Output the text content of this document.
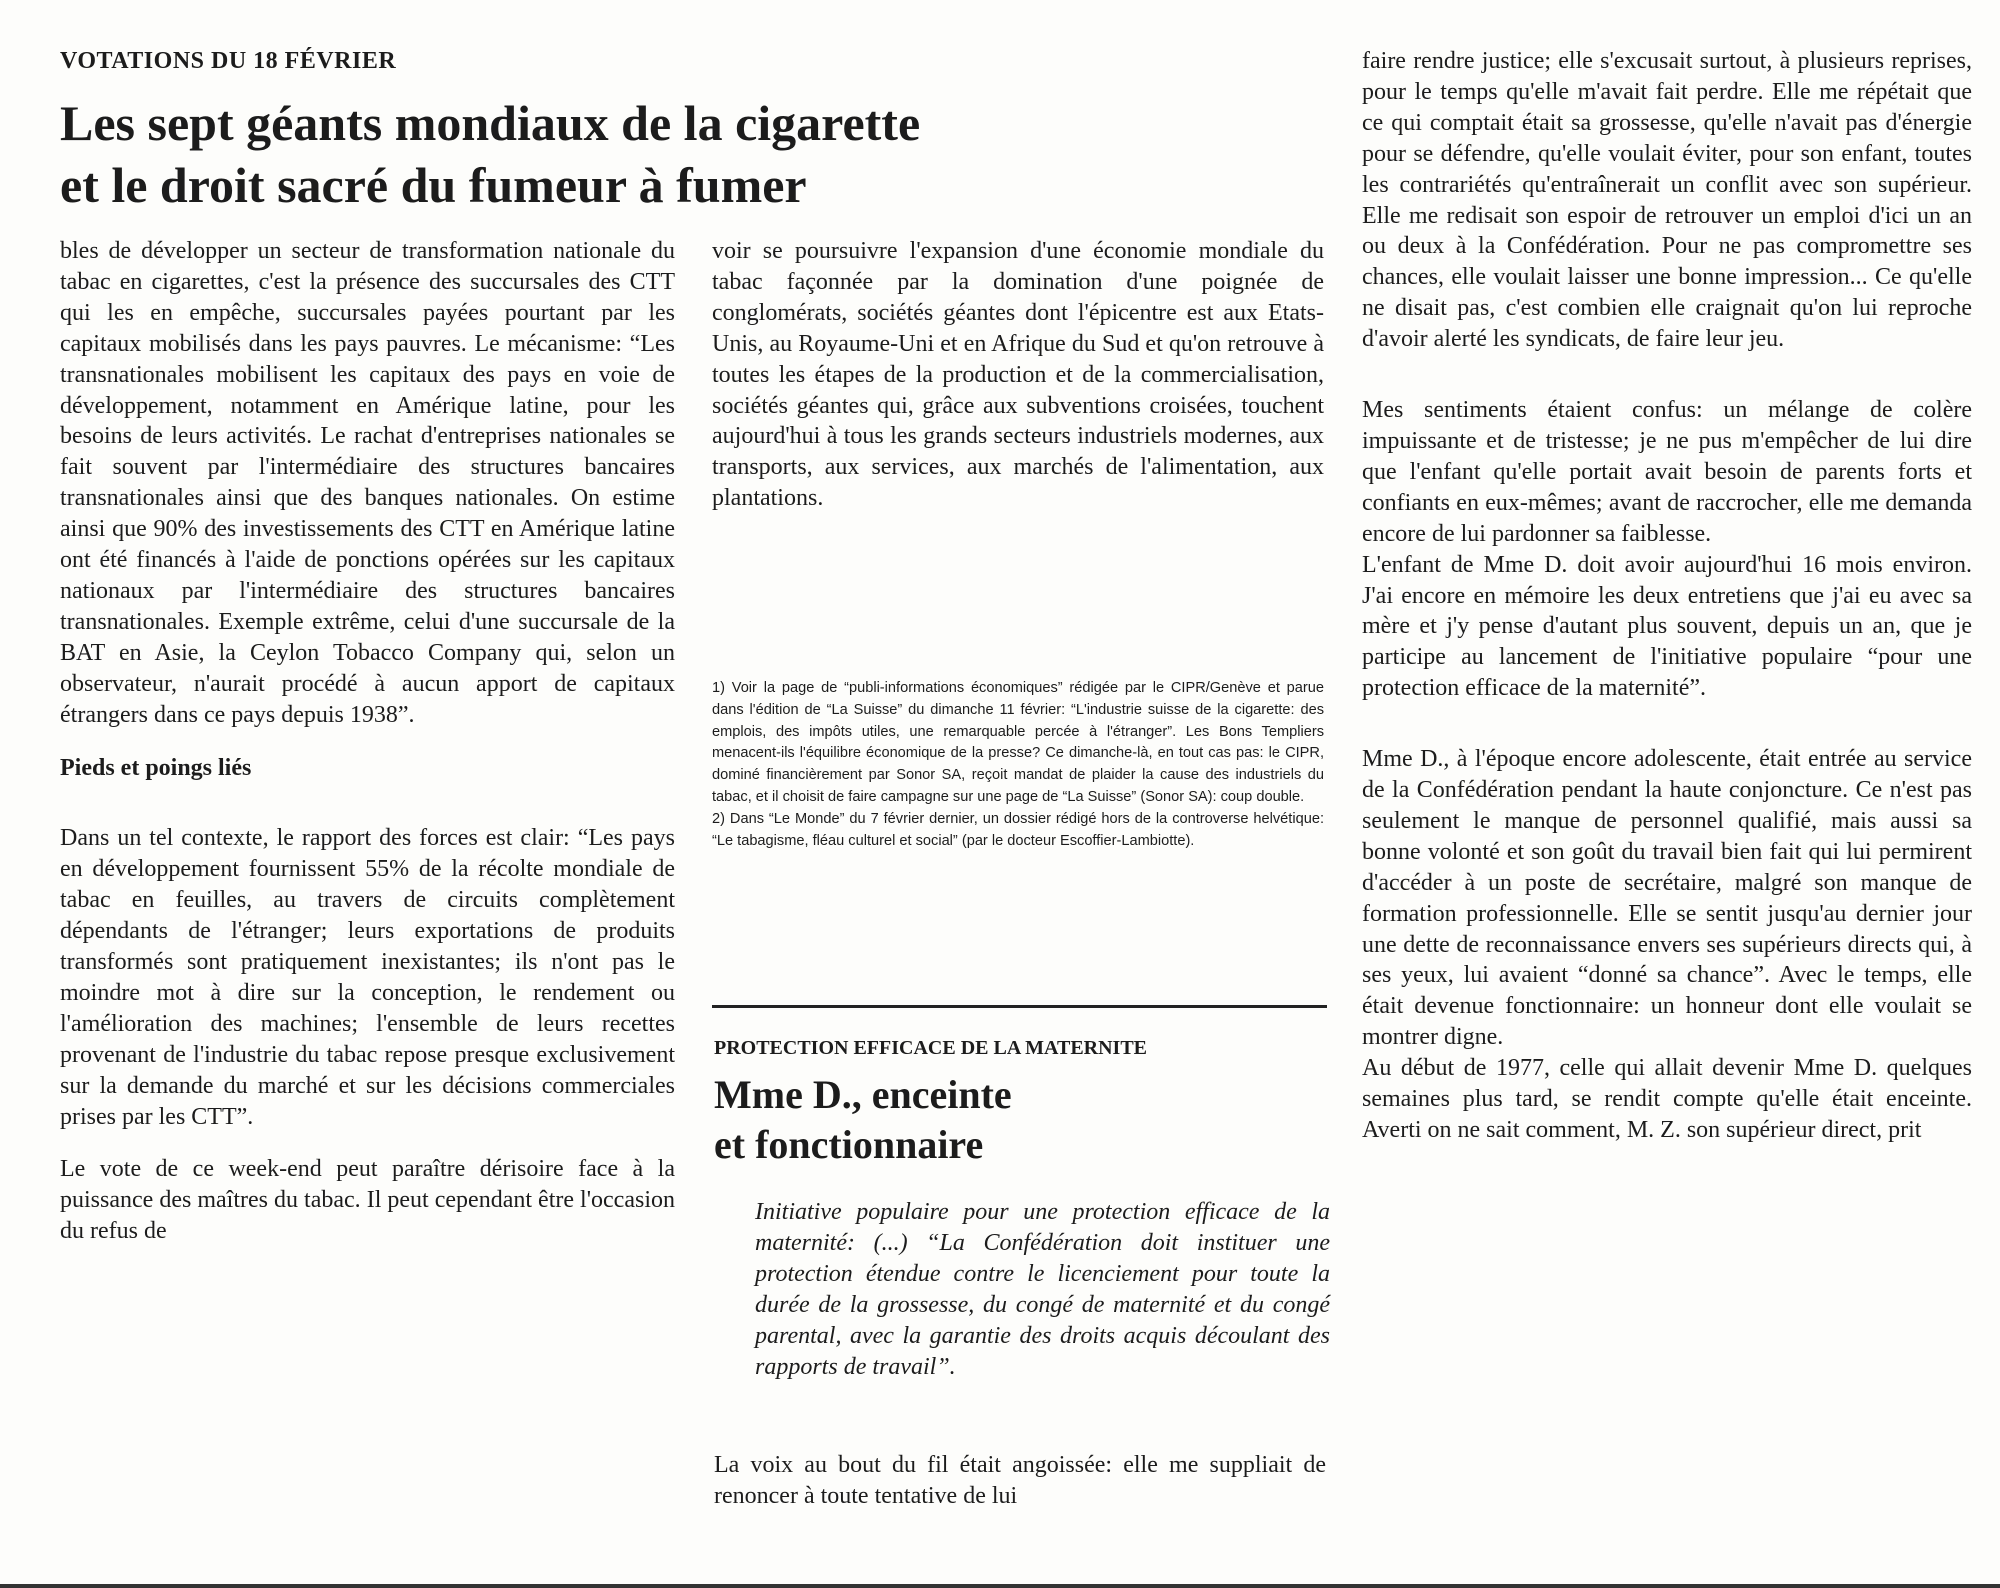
VOTATIONS DU 18 FÉVRIER
Les sept géants mondiaux de la cigarette
et le droit sacré du fumeur à fumer

bles de développer un secteur de transformation nationale du tabac en cigarettes, c'est la présence des succursales des CTT qui les en empêche, succursales payées pourtant par les capitaux mobilisés dans les pays pauvres. Le mécanisme: “Les transnationales mobilisent les capitaux des pays en voie de développement, notamment en Amérique latine, pour les besoins de leurs activités. Le rachat d'entreprises nationales se fait souvent par l'intermédiaire des structures bancaires transnationales ainsi que des banques nationales. On estime ainsi que 90% des investissements des CTT en Amérique latine ont été financés à l'aide de ponctions opérées sur les capitaux nationaux par l'intermédiaire des structures bancaires transnationales. Exemple extrême, celui d'une succursale de la BAT en Asie, la Ceylon Tobacco Company qui, selon un observateur, n'aurait procédé à aucun apport de capitaux étrangers dans ce pays depuis 1938”.

Pieds et poings liés

Dans un tel contexte, le rapport des forces est clair: “Les pays en développement fournissent 55% de la récolte mondiale de tabac en feuilles, au travers de circuits complètement dépendants de l'étranger; leurs exportations de produits transformés sont pratiquement inexistantes; ils n'ont pas le moindre mot à dire sur la conception, le rendement ou l'amélioration des machines; l'ensemble de leurs recettes provenant de l'industrie du tabac repose presque exclusivement sur la demande du marché et sur les décisions commerciales prises par les CTT”.

Le vote de ce week-end peut paraître dérisoire face à la puissance des maîtres du tabac. Il peut cependant être l'occasion du refus de

voir se poursuivre l'expansion d'une économie mondiale du tabac façonnée par la domination d'une poignée de conglomérats, sociétés géantes dont l'épicentre est aux Etats-Unis, au Royaume-Uni et en Afrique du Sud et qu'on retrouve à toutes les étapes de la production et de la commercialisation, sociétés géantes qui, grâce aux subventions croisées, touchent aujourd'hui à tous les grands secteurs industriels modernes, aux transports, aux services, aux marchés de l'alimentation, aux plantations.

1) Voir la page de “publi-informations économiques” rédigée par le CIPR/Genève et parue dans l'édition de “La Suisse” du dimanche 11 février: “L'industrie suisse de la cigarette: des emplois, des impôts utiles, une remarquable percée à l'étranger”. Les Bons Templiers menacent-ils l'équilibre économique de la presse? Ce dimanche-là, en tout cas pas: le CIPR, dominé financièrement par Sonor SA, reçoit mandat de plaider la cause des industriels du tabac, et il choisit de faire campagne sur une page de “La Suisse” (Sonor SA): coup double.

2) Dans “Le Monde” du 7 février dernier, un dossier rédigé hors de la controverse helvétique: “Le tabagisme, fléau culturel et social” (par le docteur Escoffier-Lambiotte).

PROTECTION EFFICACE DE LA MATERNITE
Mme D., enceinte
et fonctionnaire
Initiative populaire pour une protection efficace de la maternité: (...) “La Confédération doit instituer une protection étendue contre le licenciement pour toute la durée de la grossesse, du congé de maternité et du congé parental, avec la garantie des droits acquis découlant des rapports de travail”.

La voix au bout du fil était angoissée: elle me suppliait de renoncer à toute tentative de lui

faire rendre justice; elle s'excusait surtout, à plusieurs reprises, pour le temps qu'elle m'avait fait perdre. Elle me répétait que ce qui comptait était sa grossesse, qu'elle n'avait pas d'énergie pour se défendre, qu'elle voulait éviter, pour son enfant, toutes les contrariétés qu'entraînerait un conflit avec son supérieur. Elle me redisait son espoir de retrouver un emploi d'ici un an ou deux à la Confédération. Pour ne pas compromettre ses chances, elle voulait laisser une bonne impression... Ce qu'elle ne disait pas, c'est combien elle craignait qu'on lui reproche d'avoir alerté les syndicats, de faire leur jeu.

Mes sentiments étaient confus: un mélange de colère impuissante et de tristesse; je ne pus m'empêcher de lui dire que l'enfant qu'elle portait avait besoin de parents forts et confiants en eux-mêmes; avant de raccrocher, elle me demanda encore de lui pardonner sa faiblesse.

L'enfant de Mme D. doit avoir aujourd'hui 16 mois environ. J'ai encore en mémoire les deux entretiens que j'ai eu avec sa mère et j'y pense d'autant plus souvent, depuis un an, que je participe au lancement de l'initiative populaire “pour une protection efficace de la maternité”.

Mme D., à l'époque encore adolescente, était entrée au service de la Confédération pendant la haute conjoncture. Ce n'est pas seulement le manque de personnel qualifié, mais aussi sa bonne volonté et son goût du travail bien fait qui lui permirent d'accéder à un poste de secrétaire, malgré son manque de formation professionnelle. Elle se sentit jusqu'au dernier jour une dette de reconnaissance envers ses supérieurs directs qui, à ses yeux, lui avaient “donné sa chance”. Avec le temps, elle était devenue fonctionnaire: un honneur dont elle voulait se montrer digne.

Au début de 1977, celle qui allait devenir Mme D. quelques semaines plus tard, se rendit compte qu'elle était enceinte. Averti on ne sait comment, M. Z. son supérieur direct, prit
